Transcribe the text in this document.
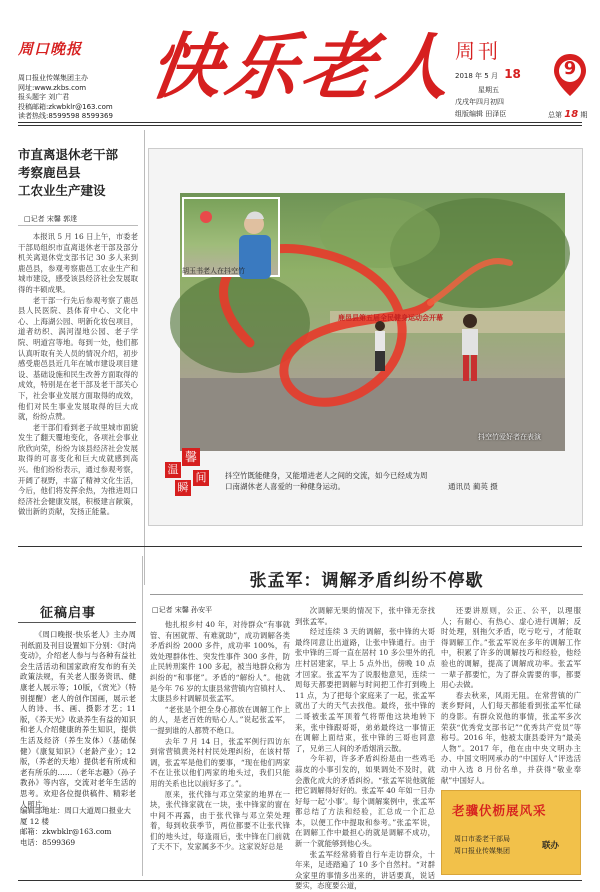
周口晚报
周口报业传媒集团主办
网址:www.zkbs.com
报头题字 刘广君
投稿邮箱:zkwbklr@163.com
读者热线:8599598 8599369
快乐老人
周刊
9
2018 年 5 月 18
星期五
戊戌年四月初四
组版编辑 田泽臣	总第 18 期
市直离退休老干部
考察鹿邑县
工农业生产建设
□记者 宋馨 郭達

本报讯 5 月 16 日上午，市委老干部局组织市直离退休老干部及部分机关离退休党支部书记 30 多人来到鹿邑县，参观考察鹿邑工农业生产和城市建设，感受该县经济社会发展取得的丰硕成果。

老干部一行先后参观考察了鹿邑县人民医院、县体育中心、文化中心、上海湖公园、明新化妆包项目，道者纺织、涡河湿地公园、老子学院、明道宫等地。每到一处，他们都认真听取有关人员的情况介绍，初步感受鹿邑县近几年在城市建设项目建设、基础设施和民生改善方面取得的成效，特别是在老干部及老干部关心下，社会事业发展方面取得的成效，他们对民生事业发展取得的巨大成就，纷纷点赞。

老干部们看到老子故里城市面貌发生了翻天覆地变化，各项社会事业欣欣向荣，纷纷为该县经济社会发展取得的可喜变化和巨大成就感到高兴。他们纷纷表示，通过参观考察，开阔了视野，丰富了精神文化生活，今后，他们将发挥余热，为推进周口经济社会健康发展，积极建言献策，做出新的贡献，发扬正能量。

鹿邑县第五届全民健身运动会开幕
抖空竹爱好者在表演
胡玉书老人在抖空竹
温
馨
瞬
间	抖空竹既能健身，又能增进老人之间的交流，如今已经成为周
口南湖休老人喜爱的一种健身运动。	通讯员 蔺英 摄
征稿启事
《周口晚报·快乐老人》主办周刊纸面及刊目设置如下分别：《时尚变动》，介绍老人参与与各种有益社会生活活动和国家政府发布的有关政策法规，有关老人服务资讯、健康老人展示等；10版，《赏光》（特别提醒）老人的创作国画，展示老人的诗、书、画、摄影才艺；11版，《养天光》收录养生有益的知识和老人介绍健康的养生知识，提供生活及经济（养生发体）（基础保健）《康复知识》（老龄产业）；12版，（养老的天地）提供老有所成和老有所乐的……（老年志趣》（孙子教孙》等内容，交流对老年生活的思考。欢迎各位提供稿件、精彩老人照片。
编辑部地址：周口大道周口报业大厦 12 楼
邮箱：zkwbklr@163.com
电话：8599369
张孟军：调解矛盾纠纷不停歇
□记者 宋馨 孙安平

他扎根乡村 40 年，对待群众“有事就管、有困就帮、有难就助”，成功调解各类矛盾纠纷 2000 多件，成功率 100%，有效处理群体性、突发性事件 300 多件，防止民转刑案件 100 多起，被当地群众称为纠纷的“和事佬”。矛盾的“解纷人”。他就是今年 76 岁的太康县常营镇内官镇村人、太康县乡村调解员张孟军。

“老张是个把全身心都放在调解工作上的人，是老百姓的贴心人。”说起张孟军，一提到谁的人都赞不绝口。

去年 7 月 14 日，张孟军例行四访东到常营镇黄尧村村民处理纠纷，在该村帮调，张孟军是他们的要事，“现在他们两家不在让张以他们两家的地头过，我们只能用的关系也比以前好多了。”。

原来，张代锋与邓立荣家的地界在一块，张代锋家就在一块，张中锋家的窗在中间不再露，由于张代锋与邓立荣处理着，每到收获季节，两位都要不让张代锋们的地头过，每逢雨后，张中锋在门前就了天不下，发家属多不少。这家说好总是

次调解无果的情况下，张中锋无奈找到张孟军。

经过连续 3 天的调解，张中锋的大哥最终同意让出道路，让张中锋通行。由于张中锋的三哥一直在居村 10 多公里外的孔庄村居建家，早上 5 点外出，傍晚 10 点才回家。张孟军为了说服他意见，连续一周每天都要把调解与时间把工作打到晚上 11 点，为了把每个家庭来了一起，张孟军就出了大的天气去找他。最终，张中锋的二哥被张孟军顶着气将帮他这块地转下来，张中锋跟哥哥，弟弟最终这一事情正在调解上面结束，张中锋的三哥也同意了，兄弟三人间的矛盾烟消云散。

今年初，许多矛盾纠纷是由一些鸡毛蒜皮的小事引发的，如果调处不及时，就会激化成大的矛盾纠纷。“张孟军说他就能把它调解得好好的。张孟军 40 年如一日办好每一起‘小事’。每个调解案例中，张孟军都总结了方法和经验，汇总成一个汇总本，以便工作中提取和参考。”张孟军说，在调解工作中最担心的就是调解不成功，新一个就能够到他心头。

张孟军经常骑着自行车走访群众，十年来，足迹踏遍了 10 多个自然村。“对群众家里的事情多出来的，讲话要真，说话要实，态度要公道，

还要讲原则，公正、公平，以理服人；有耐心、有热心、虚心进行调解；反时处理，别拖欠矛盾，吃亏吃亏，才能取得调解工作。”张孟军说在多年的调解工作中，积累了许多的调解技巧和经验，他经验也的调解，提高了调解成功率。张孟军一辈子都要忙，为了群众需要的事，都要用心去做。

春去秋来，风雨无阻。在常营镇的广袤乡野间，人们每天都能看到张孟军忙碌的身影。有群众说他的事情，张孟军多次荣获“优秀党支部书记”“优秀共产党员”等称号。2016 年，他被太康县委评为“最美人物”。2017 年，他在由中央文明办主办、中国文明网承办的“中国好人”评选活动中入选 8 月份名单，并获得“敬业奉献”中国好人。

老骥伏枥展风采
周口市委老干部局
周口报业传媒集团	联办
